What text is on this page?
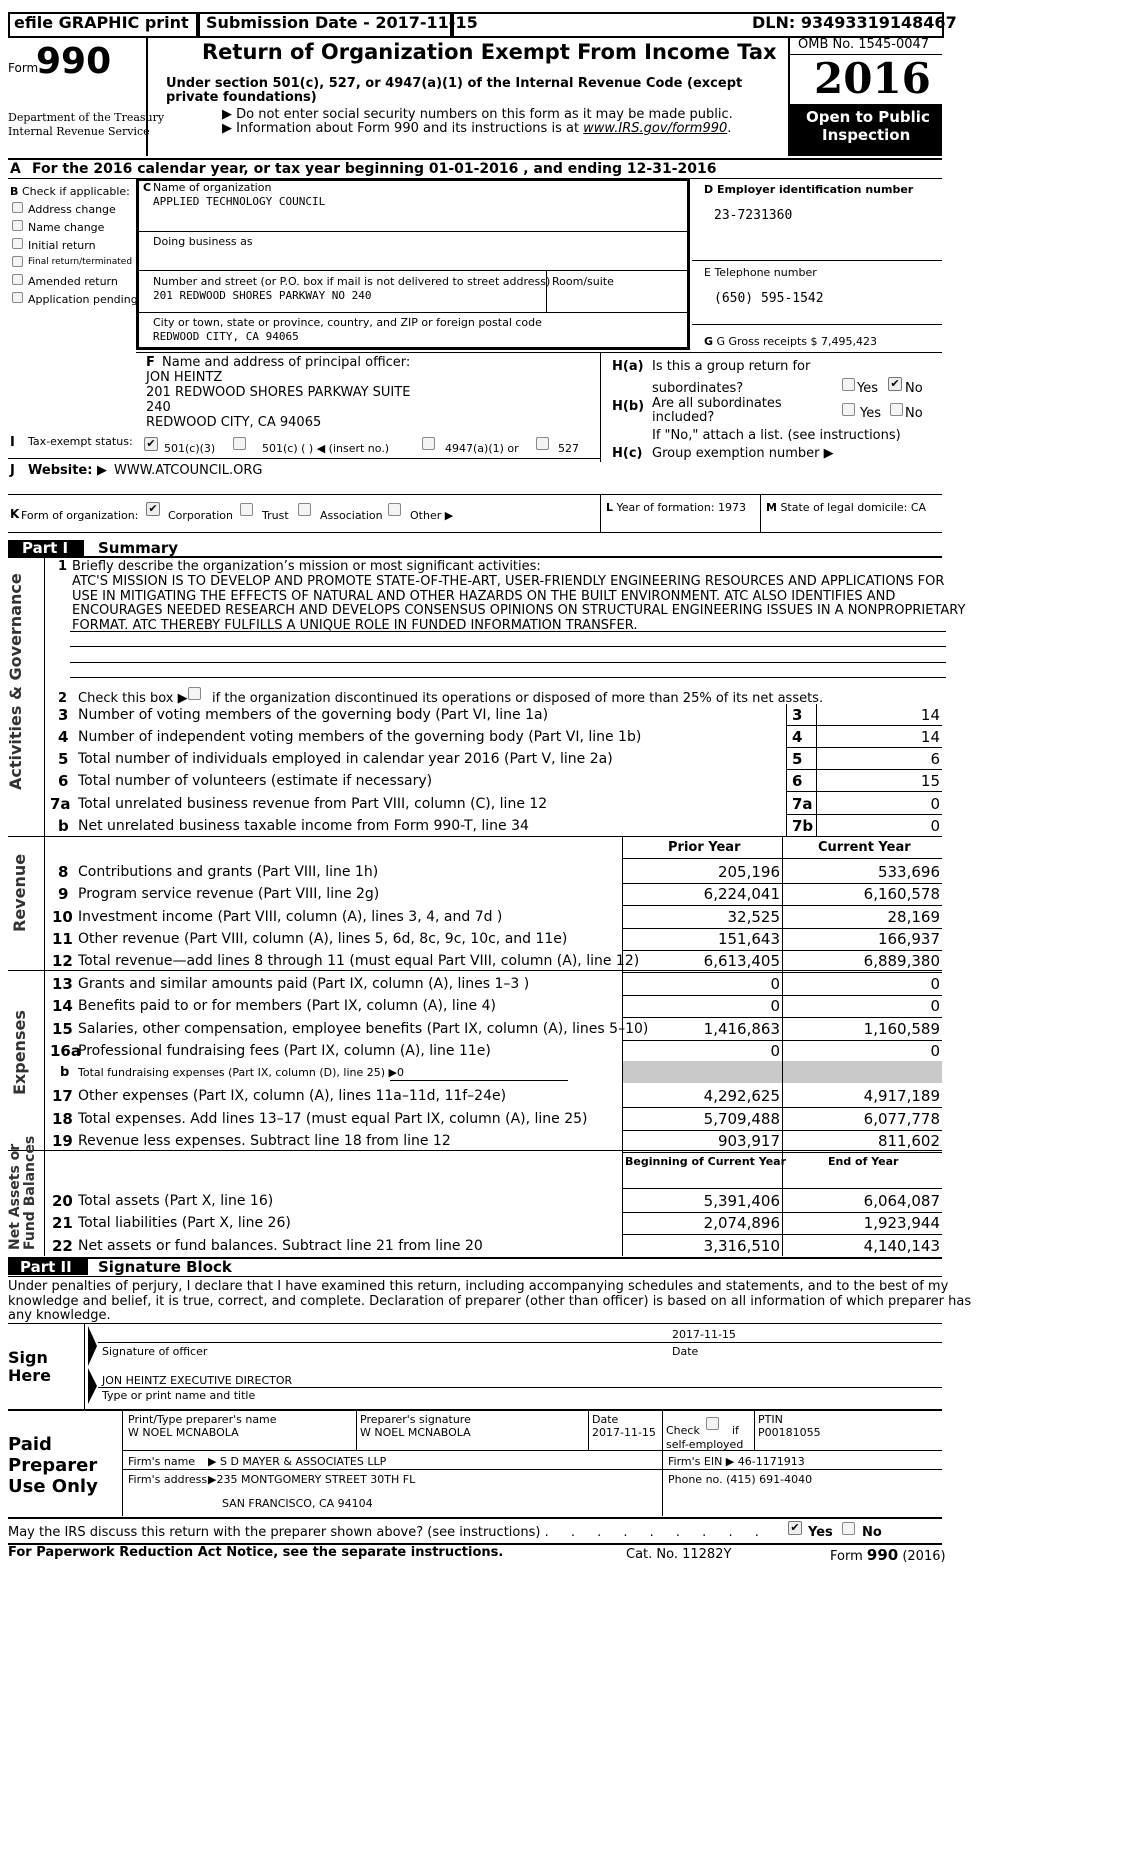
efile GRAPHIC print Submission Date - 2017-11-15	DLN: 93493319148467
Form
990
Department of the Treasury
Internal Revenue Service
Return of Organization Exempt From Income Tax
Under section 501(c), 527, or 4947(a)(1) of the Internal Revenue Code (except private foundations)
▶ Do not enter social security numbers on this form as it may be made public.
▶ Information about Form 990 and its instructions is at www.IRS.gov/form990.
OMB No. 1545-0047
2016
Open to Public
Inspection
A For the 2016 calendar year, or tax year beginning 01-01-2016 , and ending 12-31-2016
B Check if applicable:
Address change
Name change
Initial return
Final return/terminated
Amended return
Application pending
C Name of organization
APPLIED TECHNOLOGY COUNCIL
Doing business as
Number and street (or P.O. box if mail is not delivered to street address) Room/suite
201 REDWOOD SHORES PARKWAY NO 240
City or town, state or province, country, and ZIP or foreign postal code
REDWOOD CITY, CA 94065
D Employer identification number
23-7231360
E Telephone number
(650) 595-1542
G G Gross receipts $ 7,495,423
F Name and address of principal officer:
JON HEINTZ
201 REDWOOD SHORES PARKWAY SUITE
240
REDWOOD CITY, CA 94065
H(a) Is this a group return for
subordinates?	Yes ✔ No
H(b) Are all subordinates
included?	Yes No
If "No," attach a list. (see instructions)
H(c) Group exemption number ▶
I Tax-exempt status: ✔ 501(c)(3)	501(c) ( ) ◀ (insert no.)	4947(a)(1) or	527
J Website: ▶ WWW.ATCOUNCIL.ORG
K Form of organization:
✔
Corporation	Trust	Association Other ▶
L Year of formation: 1973 M State of legal domicile: CA
Part I Summary
Activities & Governance
1 Briefly describe the organization’s mission or most significant activities:
ATC'S MISSION IS TO DEVELOP AND PROMOTE STATE-OF-THE-ART, USER-FRIENDLY ENGINEERING RESOURCES AND APPLICATIONS FOR
USE IN MITIGATING THE EFFECTS OF NATURAL AND OTHER HAZARDS ON THE BUILT ENVIRONMENT. ATC ALSO IDENTIFIES AND
ENCOURAGES NEEDED RESEARCH AND DEVELOPS CONSENSUS OPINIONS ON STRUCTURAL ENGINEERING ISSUES IN A NONPROPRIETARY
FORMAT. ATC THEREBY FULFILLS A UNIQUE ROLE IN FUNDED INFORMATION TRANSFER.
2 Check this box ▶ if the organization discontinued its operations or disposed of more than 25% of its net assets.
3 Number of voting members of the governing body (Part VI, line 1a)	3	14
4 Number of independent voting members of the governing body (Part VI, line 1b)	4	14
5 Total number of individuals employed in calendar year 2016 (Part V, line 2a)	5	6
6 Total number of volunteers (estimate if necessary)	6	15
7a Total unrelated business revenue from Part VIII, column (C), line 12	7a	0
b Net unrelated business taxable income from Form 990-T, line 34	7b	0
Revenue
Prior Year	Current Year
8 Contributions and grants (Part VIII, line 1h)	205,196	533,696
9 Program service revenue (Part VIII, line 2g)	6,224,041	6,160,578
10 Investment income (Part VIII, column (A), lines 3, 4, and 7d )	32,525	28,169
11 Other revenue (Part VIII, column (A), lines 5, 6d, 8c, 9c, 10c, and 11e)	151,643	166,937
12 Total revenue—add lines 8 through 11 (must equal Part VIII, column (A), line 12)	6,613,405	6,889,380
Expenses
13 Grants and similar amounts paid (Part IX, column (A), lines 1–3 )	0	0
14 Benefits paid to or for members (Part IX, column (A), line 4)	0	0
15 Salaries, other compensation, employee benefits (Part IX, column (A), lines 5–10)	1,416,863	1,160,589
16a
Professional fundraising fees (Part IX, column (A), line 11e)	0	0
b Total fundraising expenses (Part IX, column (D), line 25) ▶0
17 Other expenses (Part IX, column (A), lines 11a–11d, 11f–24e)	4,292,625	4,917,189
18 Total expenses. Add lines 13–17 (must equal Part IX, column (A), line 25)	5,709,488	6,077,778
19 Revenue less expenses. Subtract line 18 from line 12	903,917	811,602
Net Assets or
Fund Balances	Beginning of Current Year	End of Year
20 Total assets (Part X, line 16)	5,391,406	6,064,087
21 Total liabilities (Part X, line 26)	2,074,896	1,923,944
22 Net assets or fund balances. Subtract line 21 from line 20	3,316,510	4,140,143
Part II Signature Block
Under penalties of perjury, I declare that I have examined this return, including accompanying schedules and statements, and to the best of my
knowledge and belief, it is true, correct, and complete. Declaration of preparer (other than officer) is based on all information of which preparer has
any knowledge.
Sign
Here
2017-11-15
Signature of officer	Date
JON HEINTZ EXECUTIVE DIRECTOR
Type or print name and title
Paid
Preparer
Use Only
Print/Type preparer's name
W NOEL MCNABOLA
Preparer's signature
W NOEL MCNABOLA
Date
2017-11-15 Check	if
self-employed
PTIN
P00181055
Firm's name ▶ S D MAYER & ASSOCIATES LLP	Firm's EIN ▶ 46-1171913
Firm's address ▶235 MONTGOMERY STREET 30TH FL	Phone no. (415) 691-4040
SAN FRANCISCO, CA 94104
May the IRS discuss this return with the preparer shown above? (see instructions) . . . . . . . . . ✔ Yes No
For Paperwork Reduction Act Notice, see the separate instructions.	Cat. No. 11282Y	Form 990 (2016)
